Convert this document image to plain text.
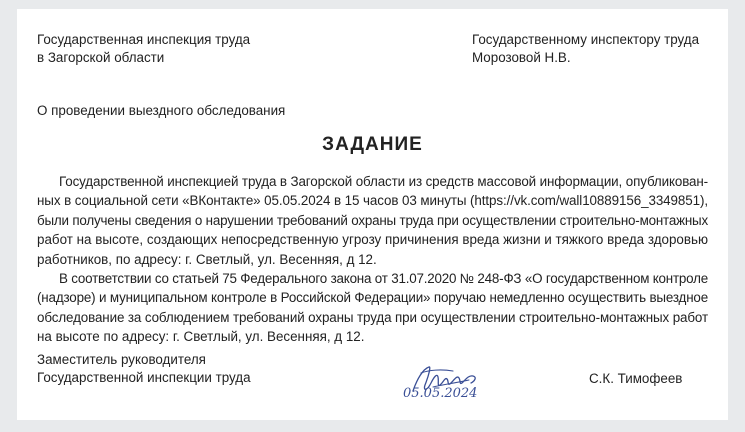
Государственная инспекция труда
в Загорской области
Государственному инспектору труда
Морозовой Н.В.
О проведении выездного обследования
ЗАДАНИЕ
Государственной инспекцией труда в Загорской области из средств массовой информации, опубликован-
ных в социальной сети «ВКонтакте» 05.05.2024 в 15 часов 03 минуты (https://vk.com/wall10889156_3349851),
были получены сведения о нарушении требований охраны труда при осуществлении строительно-монтажных
работ на высоте, создающих непосредственную угрозу причинения вреда жизни и тяжкого вреда здоровью
работников, по адресу: г. Светлый, ул. Весенняя, д 12.
В соответствии со статьей 75 Федерального закона от 31.07.2020 № 248-ФЗ «О государственном контроле
(надзоре) и муниципальном контроле в Российской Федерации» поручаю немедленно осуществить выездное
обследование за соблюдением требований охраны труда при осуществлении строительно-монтажных работ
на высоте по адресу: г. Светлый, ул. Весенняя, д 12.
Заместитель руководителя
Государственной инспекции труда
05.05.2024
С.К. Тимофеев
